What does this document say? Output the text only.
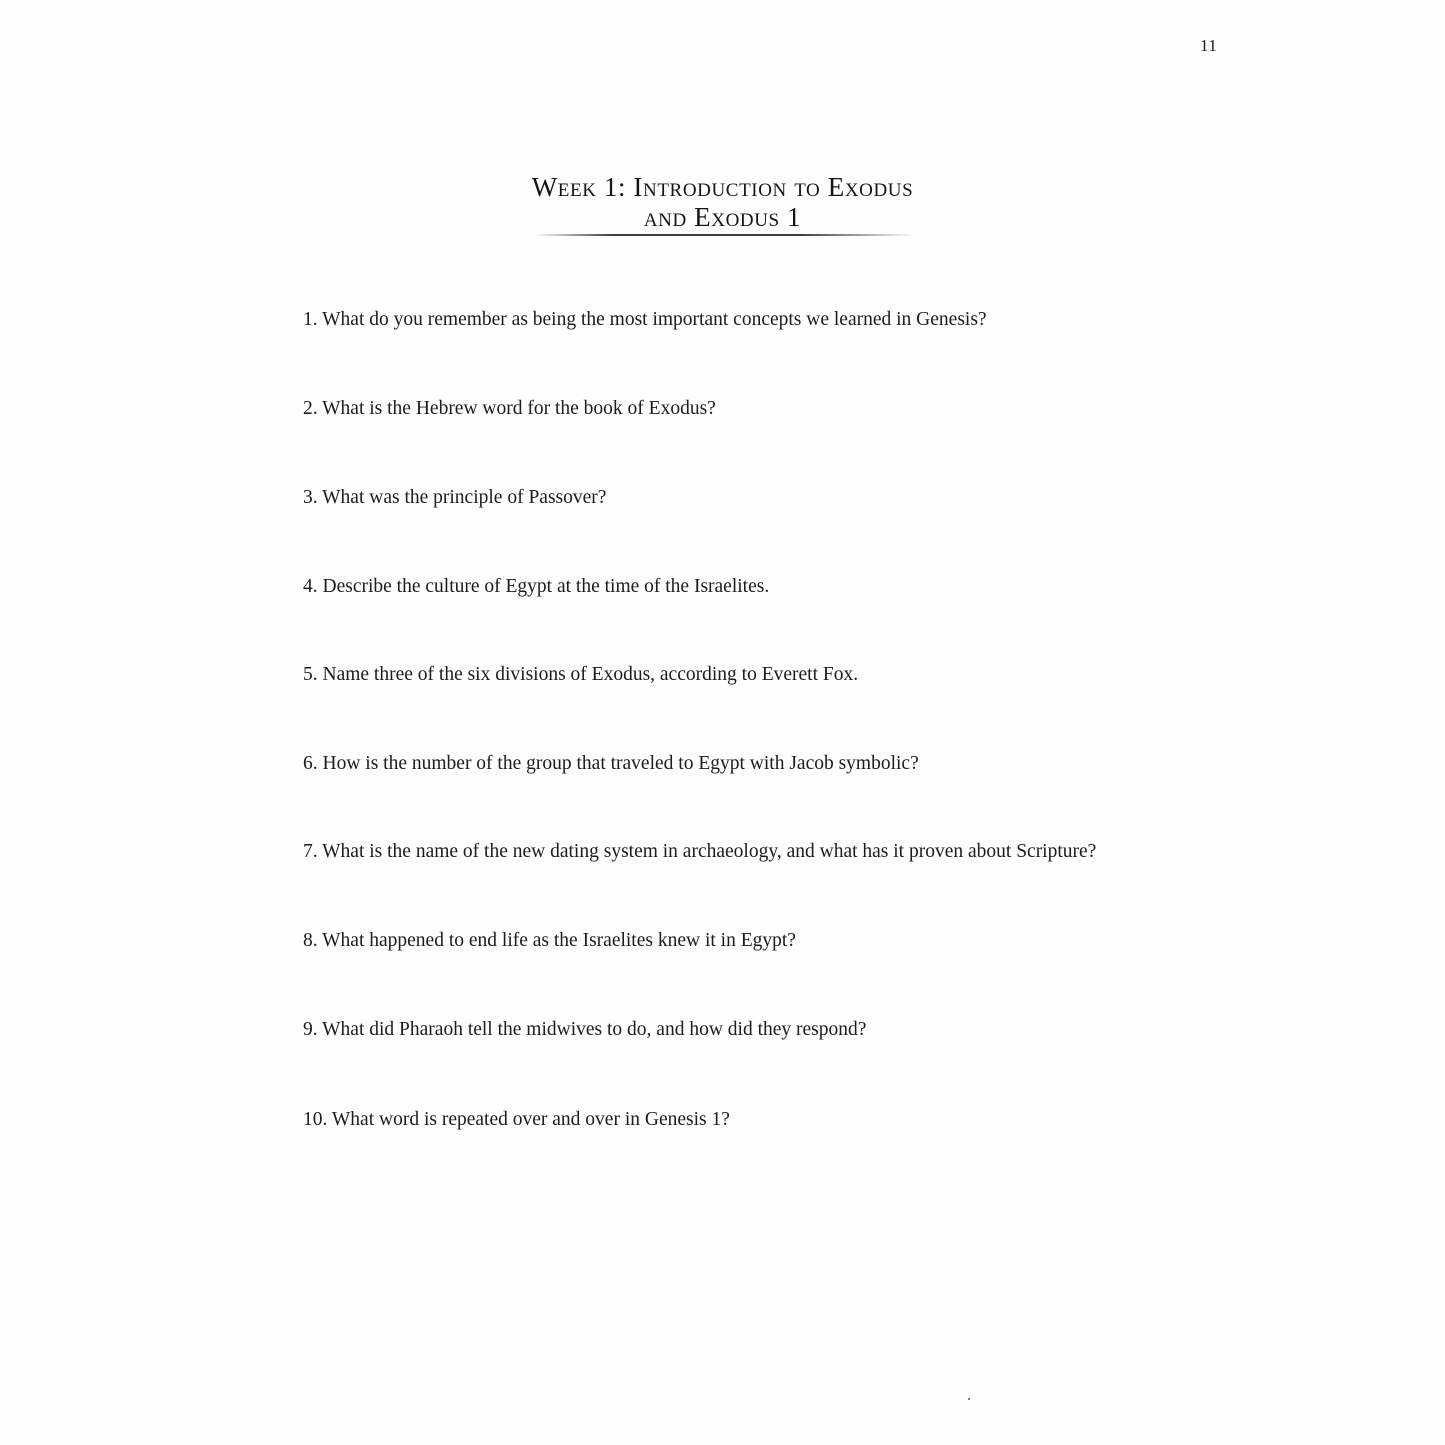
11
Week 1: Introduction to Exodus
and Exodus 1
1. What do you remember as being the most important concepts we learned in Genesis?
2. What is the Hebrew word for the book of Exodus?
3. What was the principle of Passover?
4. Describe the culture of Egypt at the time of the Israelites.
5. Name three of the six divisions of Exodus, according to Everett Fox.
6. How is the number of the group that traveled to Egypt with Jacob symbolic?
7. What is the name of the new dating system in archaeology, and what has it proven about Scripture?
8. What happened to end life as the Israelites knew it in Egypt?
9. What did Pharaoh tell the midwives to do, and how did they respond?
10. What word is repeated over and over in Genesis 1?
